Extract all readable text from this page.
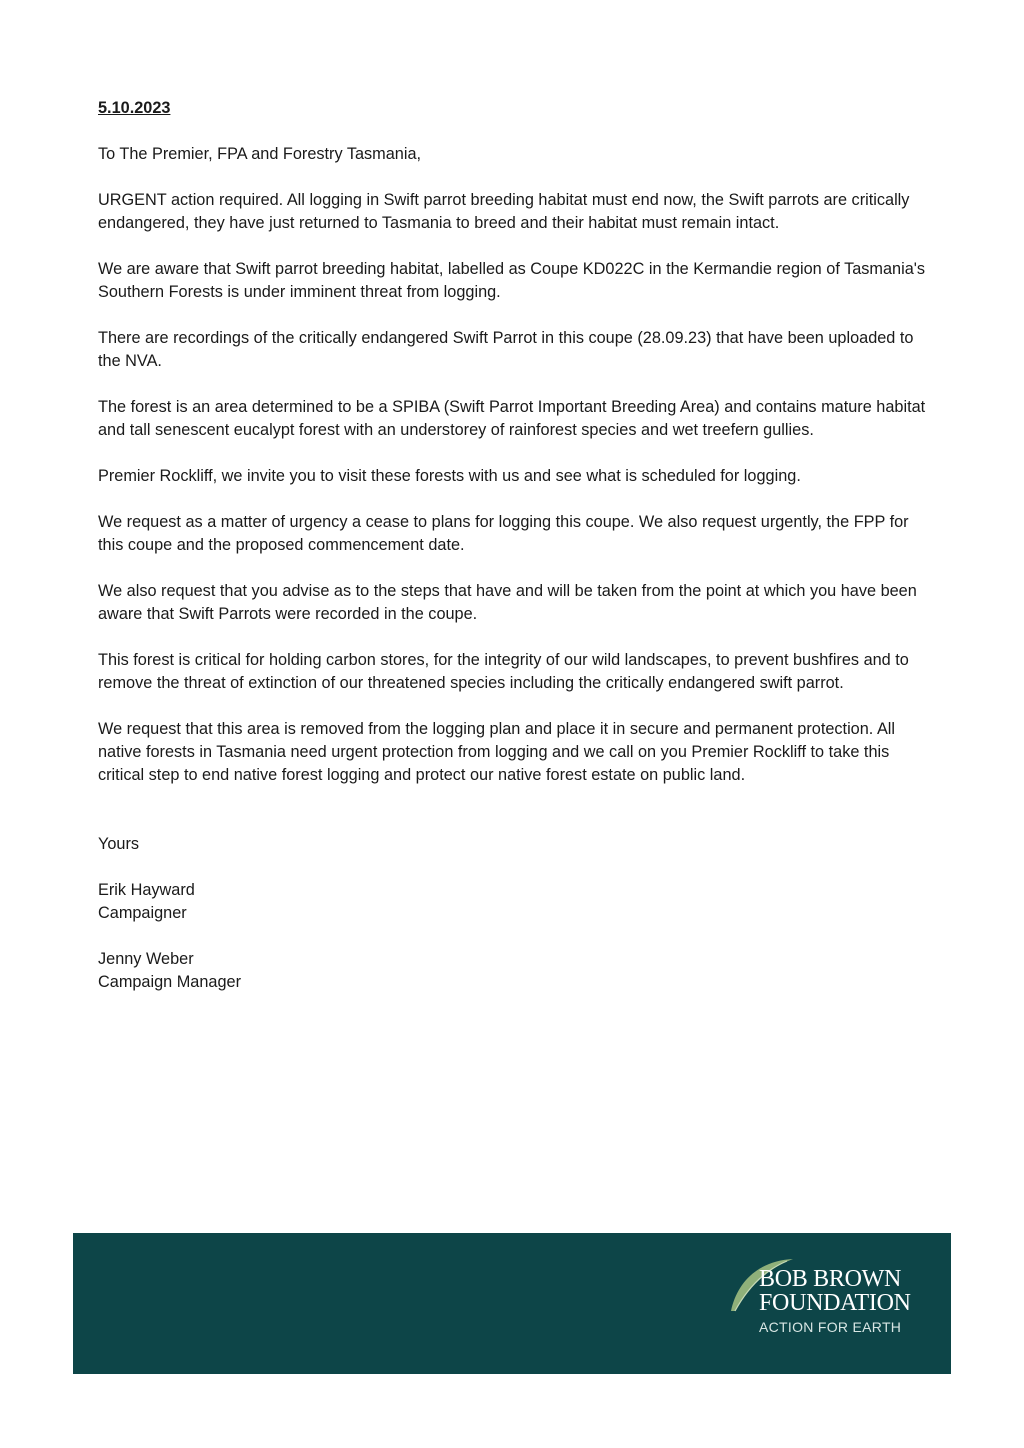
5.10.2023

To The Premier, FPA and Forestry Tasmania,

URGENT action required. All logging in Swift parrot breeding habitat must end now, the Swift parrots are critically endangered, they have just returned to Tasmania to breed and their habitat must remain intact.

We are aware that Swift parrot breeding habitat, labelled as Coupe KD022C in the Kermandie region of Tasmania's Southern Forests is under imminent threat from logging.

There are recordings of the critically endangered Swift Parrot in this coupe (28.09.23) that have been uploaded to the NVA.

The forest is an area determined to be a SPIBA (Swift Parrot Important Breeding Area) and contains mature habitat and tall senescent eucalypt forest with an understorey of rainforest species and wet treefern gullies.

Premier Rockliff, we invite you to visit these forests with us and see what is scheduled for logging.

We request as a matter of urgency a cease to plans for logging this coupe. We also request urgently, the FPP for this coupe and the proposed commencement date.

We also request that you advise as to the steps that have and will be taken from the point at which you have been aware that Swift Parrots were recorded in the coupe.

This forest is critical for holding carbon stores, for the integrity of our wild landscapes, to prevent bushfires and to remove the threat of extinction of our threatened species including the critically endangered swift parrot.

We request that this area is removed from the logging plan and place it in secure and permanent protection. All native forests in Tasmania need urgent protection from logging and we call on you Premier Rockliff to take this critical step to end native forest logging and protect our native forest estate on public land.

Yours

Erik Hayward
Campaigner
Jenny Weber
Campaign Manager
BOB BROWN
FOUNDATION
ACTION FOR EARTH
